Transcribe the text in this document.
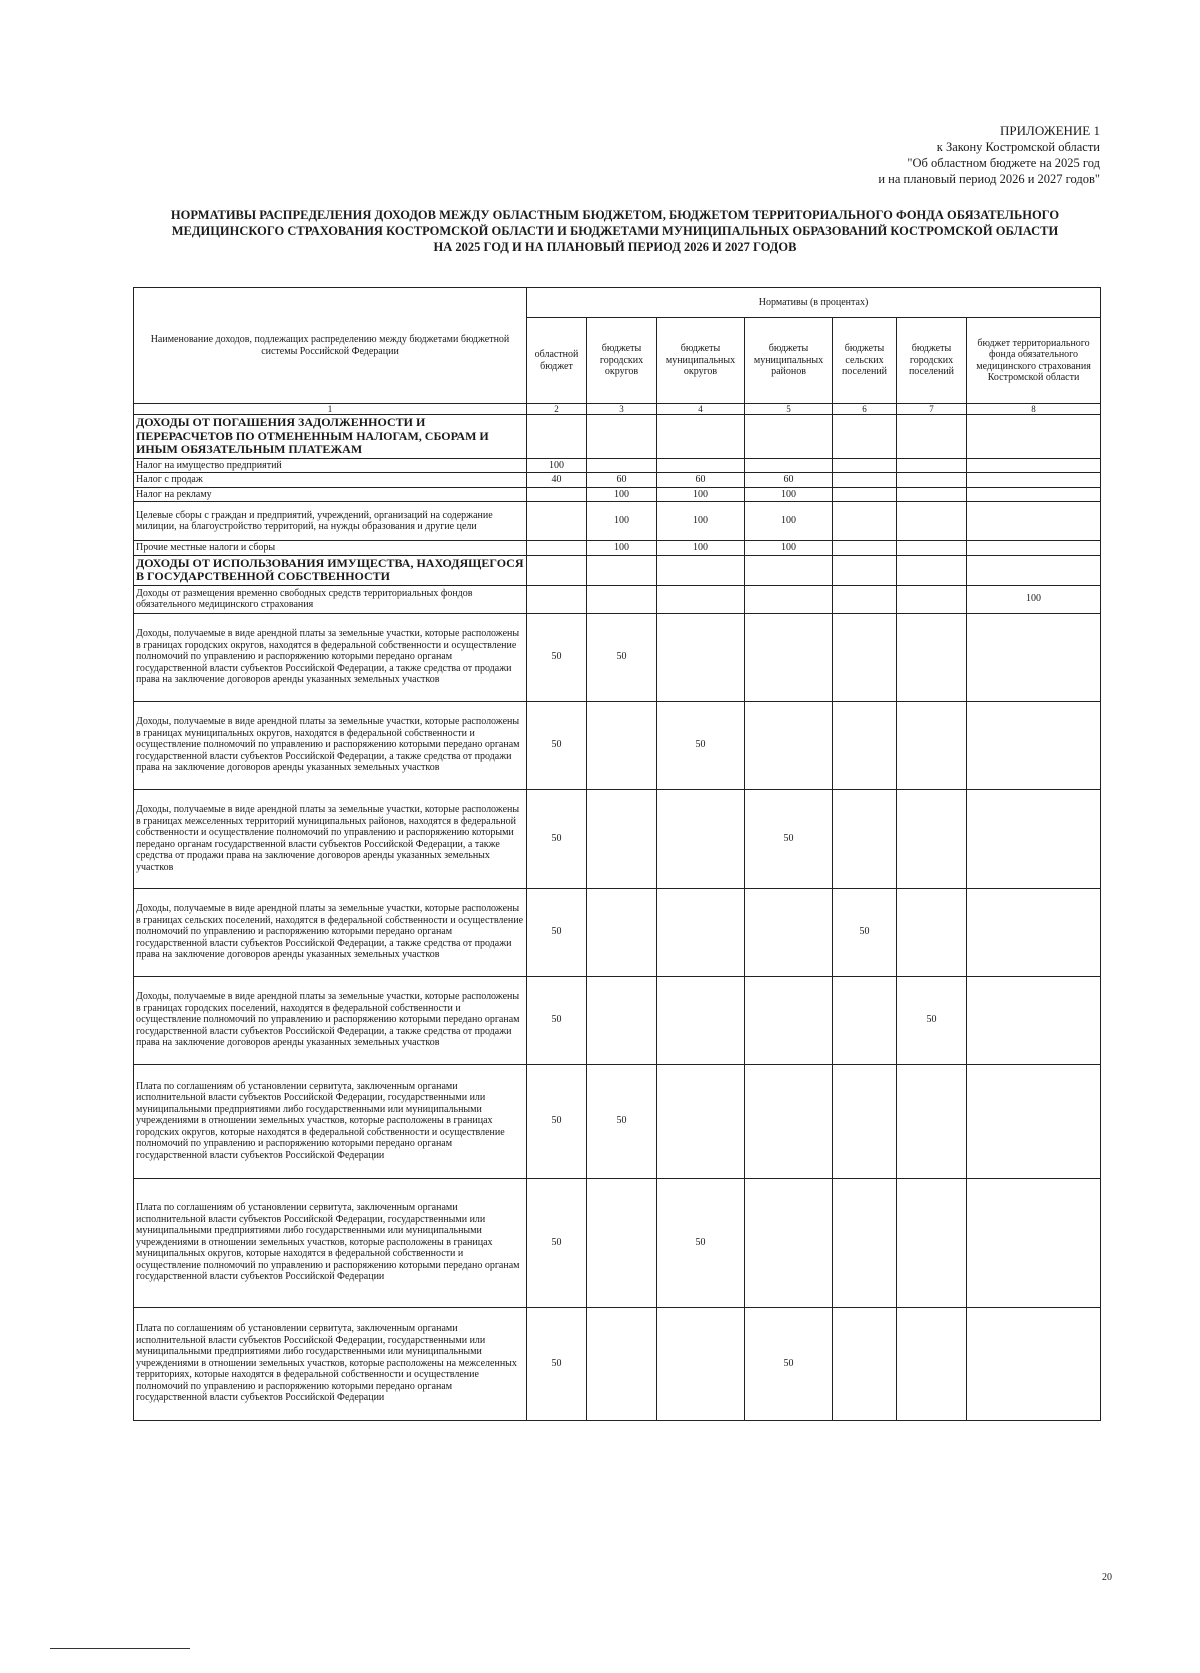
ПРИЛОЖЕНИЕ 1
к Закону Костромской области
"Об областном бюджете на 2025 год
и на плановый период 2026 и 2027 годов"
НОРМАТИВЫ РАСПРЕДЕЛЕНИЯ ДОХОДОВ МЕЖДУ ОБЛАСТНЫМ БЮДЖЕТОМ, БЮДЖЕТОМ ТЕРРИТОРИАЛЬНОГО ФОНДА ОБЯЗАТЕЛЬНОГО
МЕДИЦИНСКОГО СТРАХОВАНИЯ КОСТРОМСКОЙ ОБЛАСТИ И БЮДЖЕТАМИ МУНИЦИПАЛЬНЫХ ОБРАЗОВАНИЙ КОСТРОМСКОЙ ОБЛАСТИ
НА 2025 ГОД И НА ПЛАНОВЫЙ ПЕРИОД 2026 И 2027 ГОДОВ
Наименование доходов, подлежащих распределению между бюджетами бюджетной системы Российской Федерации	Нормативы (в процентах)						
	областной бюджет	бюджеты городских округов	бюджеты муниципальных округов	бюджеты муниципальных районов	бюджеты сельских поселений	бюджеты городских поселений	бюджет территориального фонда обязательного медицинского страхования Костромской области
1	2	3	4	5	6	7	8
ДОХОДЫ ОТ ПОГАШЕНИЯ ЗАДОЛЖЕННОСТИ И ПЕРЕРАСЧЕТОВ ПО ОТМЕНЕННЫМ НАЛОГАМ, СБОРАМ И ИНЫМ ОБЯЗАТЕЛЬНЫМ ПЛАТЕЖАМ							
Налог на имущество предприятий	100						
Налог с продаж	40	60	60	60			
Налог на рекламу		100	100	100			
Целевые сборы с граждан и предприятий, учреждений, организаций на содержание милиции, на благоустройство территорий, на нужды образования и другие цели		100	100	100			
Прочие местные налоги и сборы		100	100	100			
ДОХОДЫ ОТ ИСПОЛЬЗОВАНИЯ ИМУЩЕСТВА, НАХОДЯЩЕГОСЯ В ГОСУДАРСТВЕННОЙ СОБСТВЕННОСТИ							
Доходы от размещения временно свободных средств территориальных фондов обязательного медицинского страхования							100
Доходы, получаемые в виде арендной платы за земельные участки, которые расположены в границах городских округов, находятся в федеральной собственности и осуществление полномочий по управлению и распоряжению которыми передано органам государственной власти субъектов Российской Федерации, а также средства от продажи права на заключение договоров аренды указанных земельных участков	50	50					
Доходы, получаемые в виде арендной платы за земельные участки, которые расположены в границах муниципальных округов, находятся в федеральной собственности и осуществление полномочий по управлению и распоряжению которыми передано органам государственной власти субъектов Российской Федерации, а также средства от продажи права на заключение договоров аренды указанных земельных участков	50		50				
Доходы, получаемые в виде арендной платы за земельные участки, которые расположены в границах межселенных территорий муниципальных районов, находятся в федеральной собственности и осуществление полномочий по управлению и распоряжению которыми передано органам государственной власти субъектов Российской Федерации, а также средства от продажи права на заключение договоров аренды указанных земельных участков	50			50			
Доходы, получаемые в виде арендной платы за земельные участки, которые расположены в границах сельских поселений, находятся в федеральной собственности и осуществление полномочий по управлению и распоряжению которыми передано органам государственной власти субъектов Российской Федерации, а также средства от продажи права на заключение договоров аренды указанных земельных участков	50				50		
Доходы, получаемые в виде арендной платы за земельные участки, которые расположены в границах городских поселений, находятся в федеральной собственности и осуществление полномочий по управлению и распоряжению которыми передано органам государственной власти субъектов Российской Федерации, а также средства от продажи права на заключение договоров аренды указанных земельных участков	50					50	
Плата по соглашениям об установлении сервитута, заключенным органами исполнительной власти субъектов Российской Федерации, государственными или муниципальными предприятиями либо государственными или муниципальными учреждениями в отношении земельных участков, которые расположены в границах городских округов, которые находятся в федеральной собственности и осуществление полномочий по управлению и распоряжению которыми передано органам государственной власти субъектов Российской Федерации	50	50					
Плата по соглашениям об установлении сервитута, заключенным органами исполнительной власти субъектов Российской Федерации, государственными или муниципальными предприятиями либо государственными или муниципальными учреждениями в отношении земельных участков, которые расположены в границах муниципальных округов, которые находятся в федеральной собственности и осуществление полномочий по управлению и распоряжению которыми передано органам государственной власти субъектов Российской Федерации	50		50				
Плата по соглашениям об установлении сервитута, заключенным органами исполнительной власти субъектов Российской Федерации, государственными или муниципальными предприятиями либо государственными или муниципальными учреждениями в отношении земельных участков, которые расположены на межселенных территориях, которые находятся в федеральной собственности и осуществление полномочий по управлению и распоряжению которыми передано органам государственной власти субъектов Российской Федерации	50			50			
20
